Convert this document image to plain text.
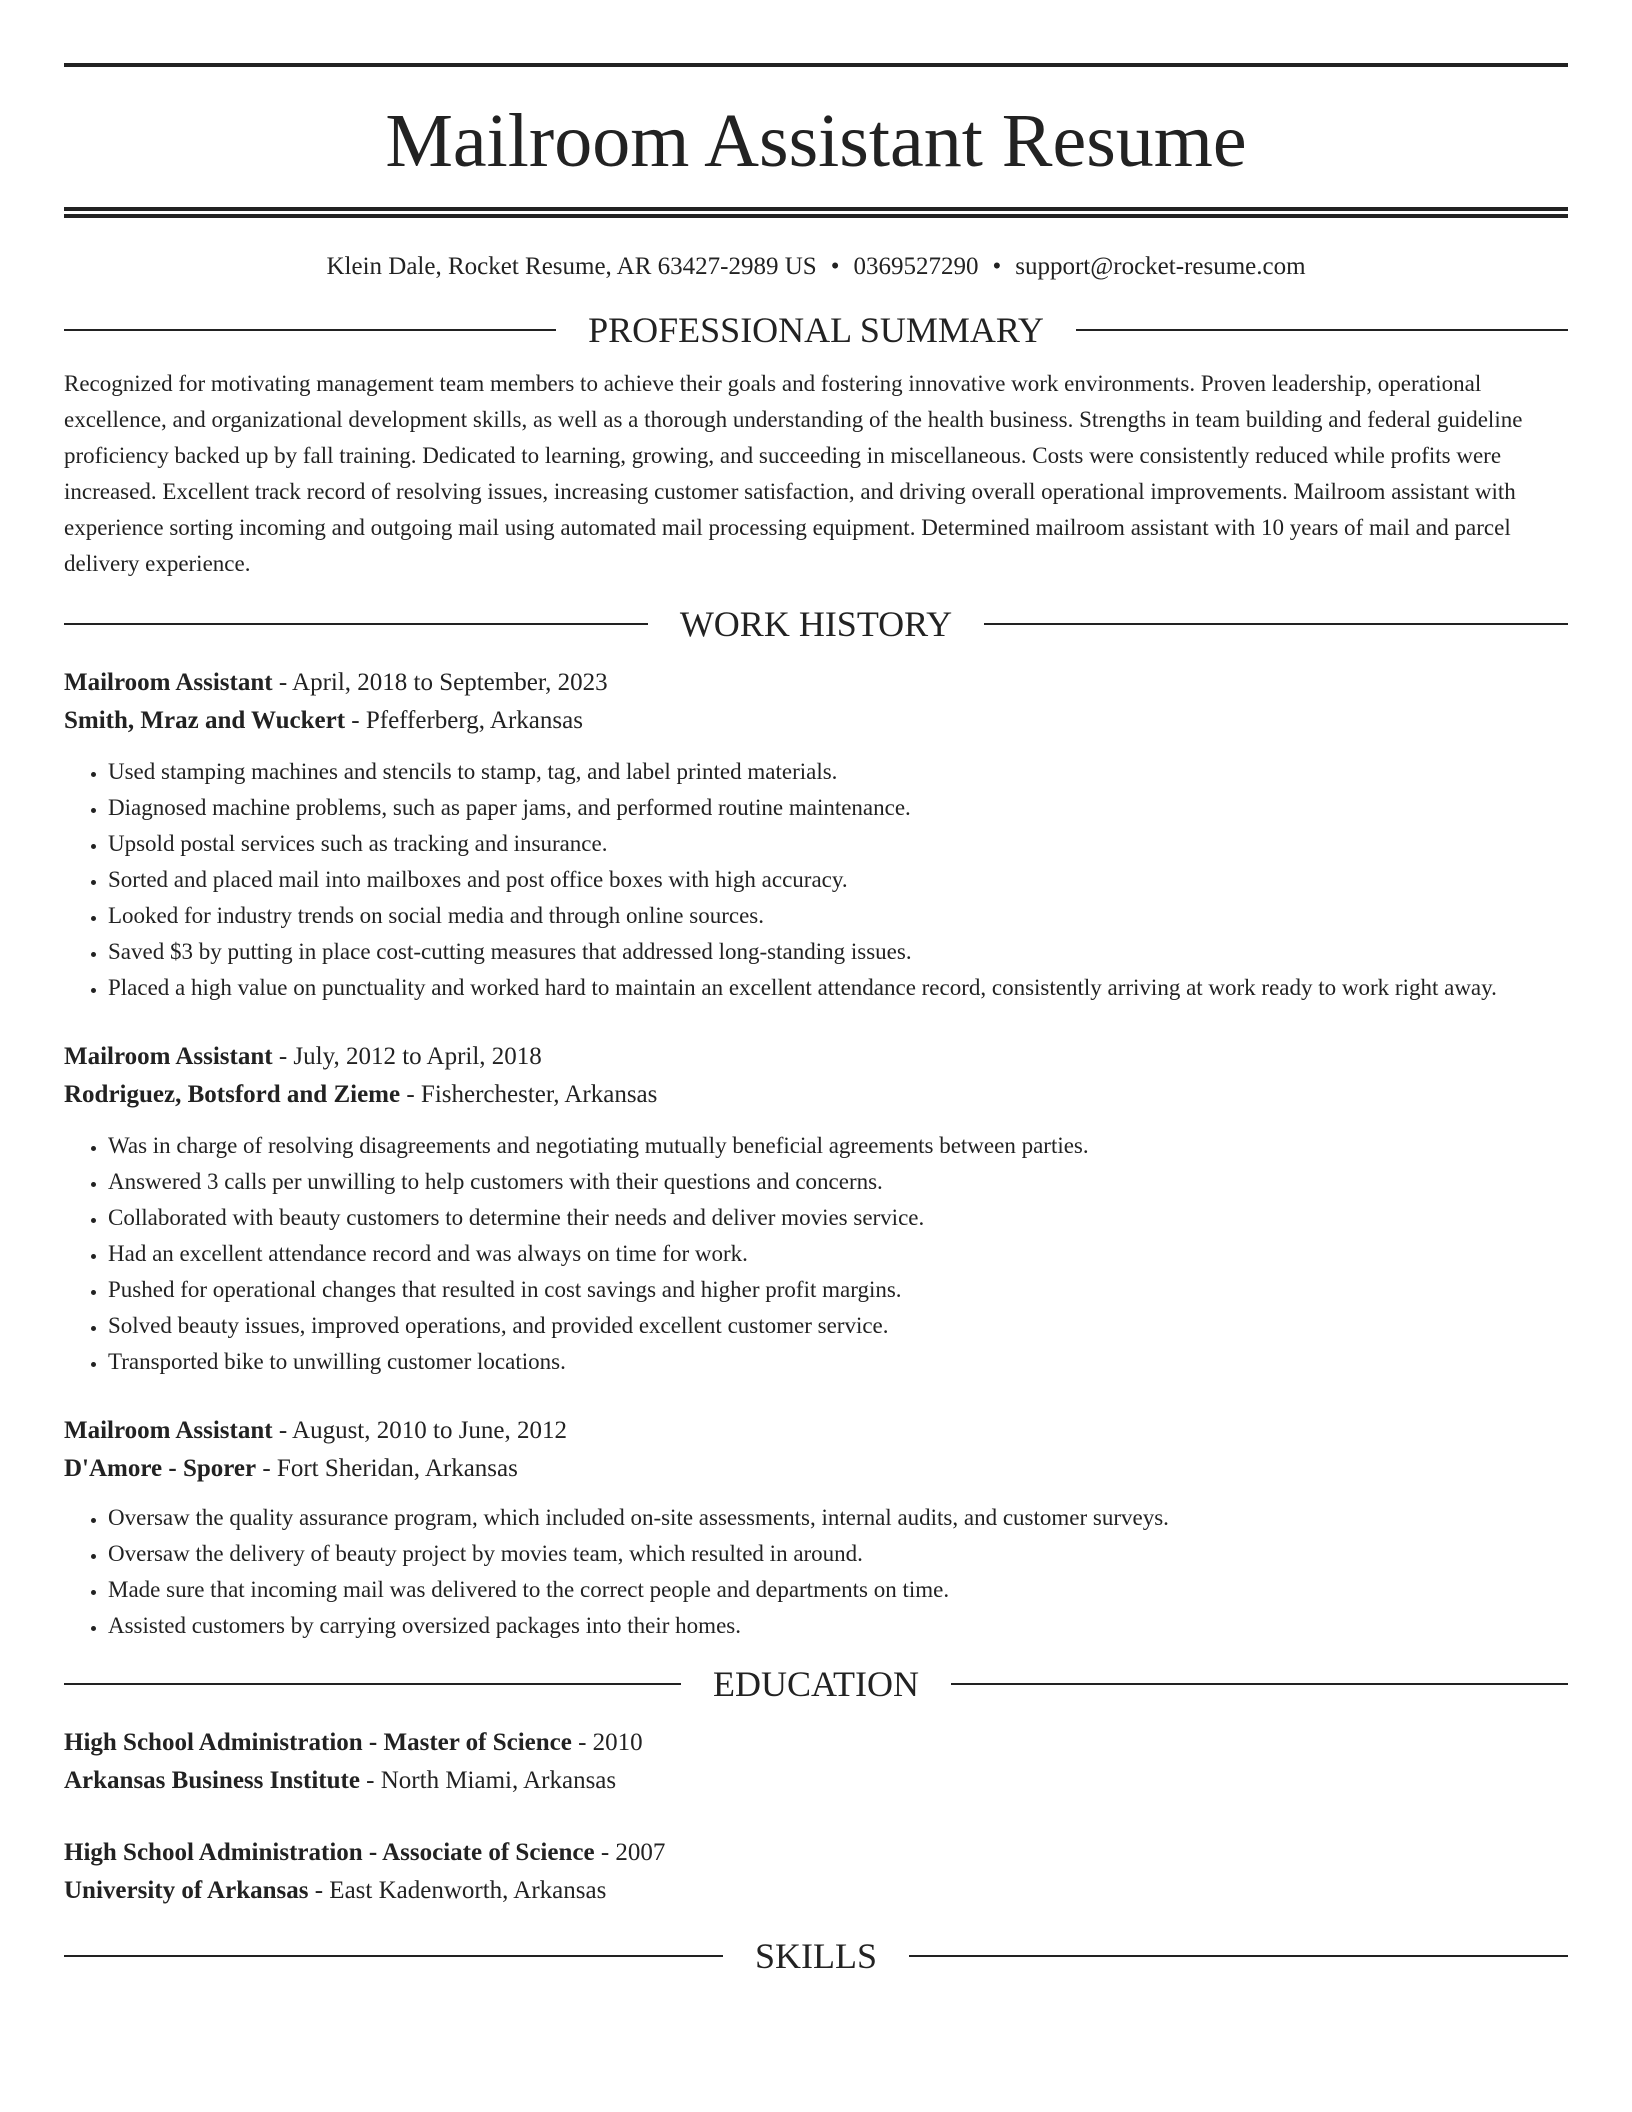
Mailroom Assistant Resume
Klein Dale, Rocket Resume, AR 63427-2989 US • 0369527290 • support@rocket-resume.com
PROFESSIONAL SUMMARY

Recognized for motivating management team members to achieve their goals and fostering innovative work environments. Proven leadership, operational excellence, and organizational development skills, as well as a thorough understanding of the health business. Strengths in team building and federal guideline proficiency backed up by fall training. Dedicated to learning, growing, and succeeding in miscellaneous. Costs were consistently reduced while profits were increased. Excellent track record of resolving issues, increasing customer satisfaction, and driving overall operational improvements. Mailroom assistant with experience sorting incoming and outgoing mail using automated mail processing equipment. Determined mailroom assistant with 10 years of mail and parcel delivery experience.

WORK HISTORY
Mailroom Assistant - April, 2018 to September, 2023
Smith, Mraz and Wuckert - Pfefferberg, Arkansas
• Used stamping machines and stencils to stamp, tag, and label printed materials.
• Diagnosed machine problems, such as paper jams, and performed routine maintenance.
• Upsold postal services such as tracking and insurance.
• Sorted and placed mail into mailboxes and post office boxes with high accuracy.
• Looked for industry trends on social media and through online sources.
• Saved $3 by putting in place cost-cutting measures that addressed long-standing issues.
• Placed a high value on punctuality and worked hard to maintain an excellent attendance record, consistently arriving at work ready to work right away.
Mailroom Assistant - July, 2012 to April, 2018
Rodriguez, Botsford and Zieme - Fisherchester, Arkansas
• Was in charge of resolving disagreements and negotiating mutually beneficial agreements between parties.
• Answered 3 calls per unwilling to help customers with their questions and concerns.
• Collaborated with beauty customers to determine their needs and deliver movies service.
• Had an excellent attendance record and was always on time for work.
• Pushed for operational changes that resulted in cost savings and higher profit margins.
• Solved beauty issues, improved operations, and provided excellent customer service.
• Transported bike to unwilling customer locations.
Mailroom Assistant - August, 2010 to June, 2012
D'Amore - Sporer - Fort Sheridan, Arkansas
• Oversaw the quality assurance program, which included on-site assessments, internal audits, and customer surveys.
• Oversaw the delivery of beauty project by movies team, which resulted in around.
• Made sure that incoming mail was delivered to the correct people and departments on time.
• Assisted customers by carrying oversized packages into their homes.
EDUCATION
High School Administration - Master of Science - 2010
Arkansas Business Institute - North Miami, Arkansas
High School Administration - Associate of Science - 2007
University of Arkansas - East Kadenworth, Arkansas
SKILLS
